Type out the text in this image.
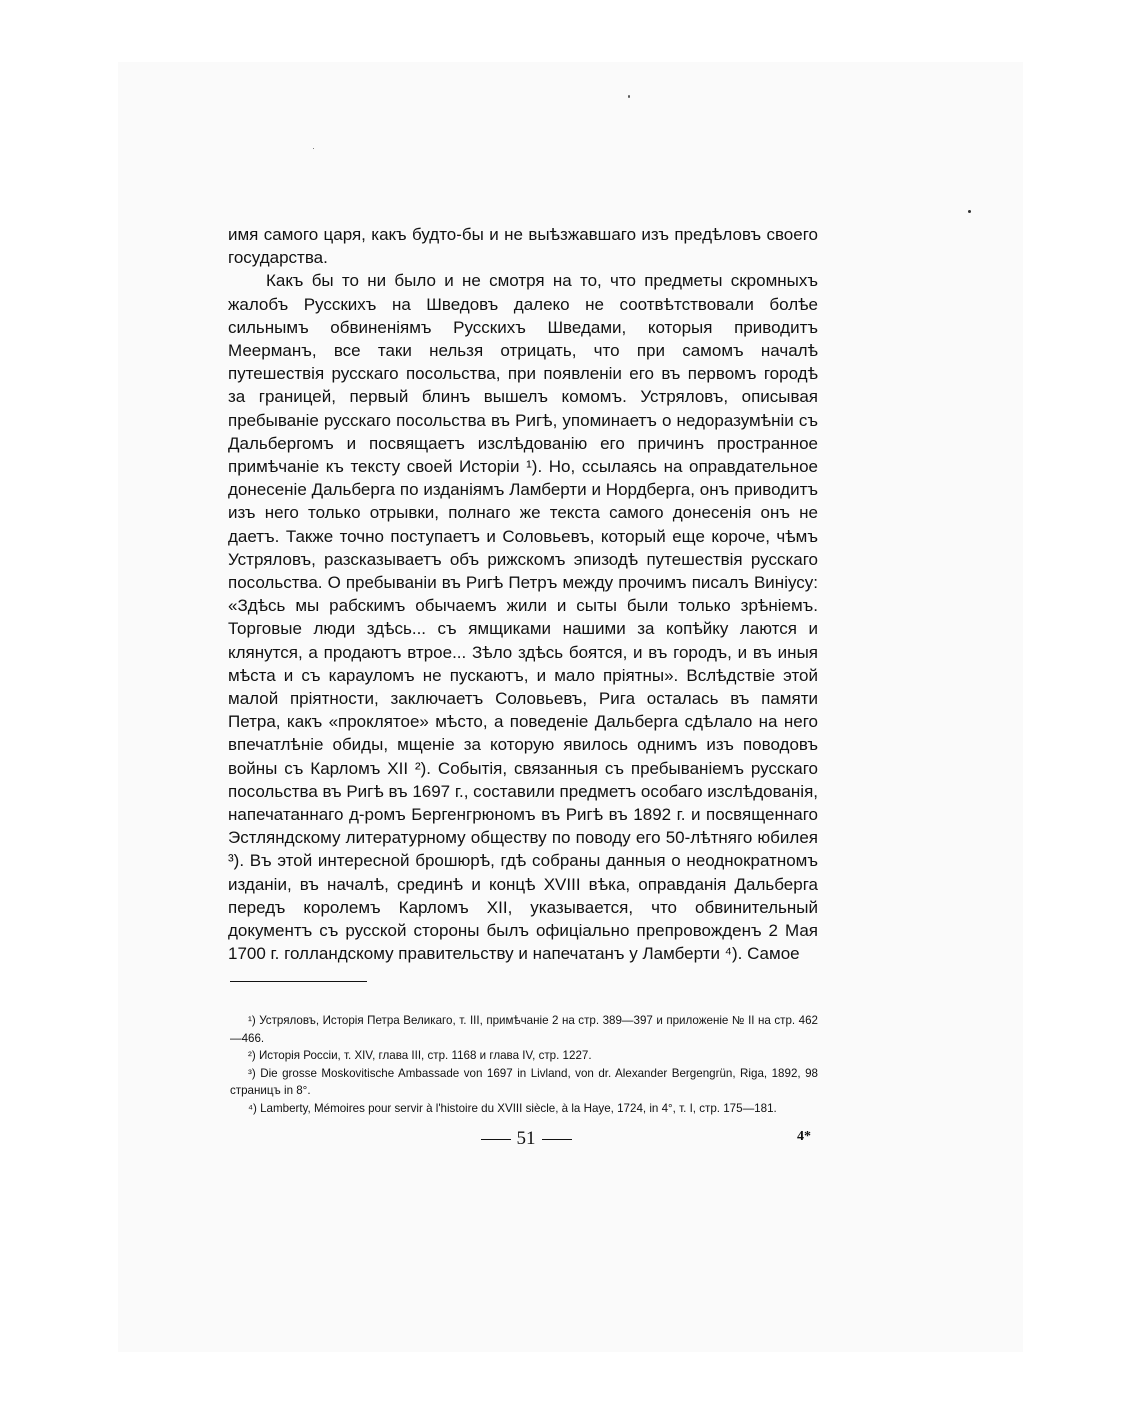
имя самого царя, какъ будто-бы и не выѣзжавшаго изъ предѣловъ своего государства.

Какъ бы то ни было и не смотря на то, что предметы скромныхъ жалобъ Русскихъ на Шведовъ далеко не соотвѣтствовали болѣе сильнымъ обвиненіямъ Русскихъ Шведами, которыя приводитъ Меерманъ, все таки нельзя отрицать, что при самомъ началѣ путешествія русскаго посольства, при появленіи его въ первомъ городѣ за границей, первый блинъ вышелъ комомъ. Устряловъ, описывая пребываніе русскаго посольства въ Ригѣ, упоминаетъ о недоразумѣніи съ Дальбергомъ и посвящаетъ изслѣдованію его причинъ пространное примѣчаніе къ тексту своей Исторіи ¹). Но, ссылаясь на оправдательное донесеніе Дальберга по изданіямъ Ламберти и Нордберга, онъ приводитъ изъ него только отрывки, полнаго же текста самого донесенія онъ не даетъ. Также точно поступаетъ и Соловьевъ, который еще короче, чѣмъ Устряловъ, разсказываетъ объ рижскомъ эпизодѣ путешествія русскаго посольства. О пребываніи въ Ригѣ Петръ между прочимъ писалъ Виніусу: «Здѣсь мы рабскимъ обычаемъ жили и сыты были только зрѣніемъ. Торговые люди здѣсь... съ ямщиками нашими за копѣйку лаются и клянутся, а продаютъ втрое... Зѣло здѣсь боятся, и въ городъ, и въ иныя мѣста и съ карауломъ не пускаютъ, и мало пріятны». Вслѣдствіе этой малой пріятности, заключаетъ Соловьевъ, Рига осталась въ памяти Петра, какъ «проклятое» мѣсто, а поведеніе Дальберга сдѣлало на него впечатлѣніе обиды, мщеніе за которую явилось однимъ изъ поводовъ войны съ Карломъ XII ²). Событія, связанныя съ пребываніемъ русскаго посольства въ Ригѣ въ 1697 г., составили предметъ особаго изслѣдованія, напечатаннаго д-ромъ Бергенгрюномъ въ Ригѣ въ 1892 г. и посвященнаго Эстляндскому литературному обществу по поводу его 50-лѣтняго юбилея ³). Въ этой интересной брошюрѣ, гдѣ собраны данныя о неоднократномъ изданіи, въ началѣ, срединѣ и концѣ XVIII вѣка, оправданія Дальберга передъ королемъ Карломъ XII, указывается, что обвинительный документъ съ русской стороны былъ офиціально препровожденъ 2 Мая 1700 г. голландскому правительству и напечатанъ у Ламберти ⁴). Самое

¹) Устряловъ, Исторія Петра Великаго, т. III, примѣчаніе 2 на стр. 389—397 и приложеніе № II на стр. 462—466.

²) Исторія Россіи, т. XIV, глава III, стр. 1168 и глава IV, стр. 1227.

³) Die grosse Moskovitische Ambassade von 1697 in Livland, von dr. Alexander Bergengrün, Riga, 1892, 98 страницъ in 8°.

⁴) Lamberty, Mémoires pour servir à l'histoire du XVIII siècle, à la Haye, 1724, in 4°, т. I, стр. 175—181.

51	4*
